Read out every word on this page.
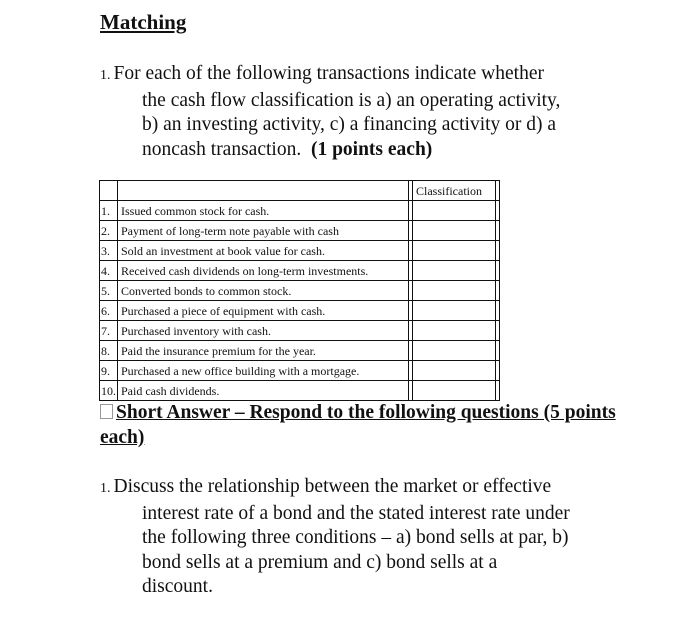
Matching
1. For each of the following transactions indicate whether
the cash flow classification is a) an operating activity,
b) an investing activity, c) a financing activity or d) a
noncash transaction. (1 points each)
			Classification	
1.	Issued common stock for cash.			
2.	Payment of long-term note payable with cash			
3.	Sold an investment at book value for cash.			
4.	Received cash dividends on long-term investments.			
5.	Converted bonds to common stock.			
6.	Purchased a piece of equipment with cash.			
7.	Purchased inventory with cash.			
8.	Paid the insurance premium for the year.			
9.	Purchased a new office building with a mortgage.			
10.	Paid cash dividends.			
Short Answer – Respond to the following questions (5 points each)
1. Discuss the relationship between the market or effective
interest rate of a bond and the stated interest rate under
the following three conditions – a) bond sells at par, b)
bond sells at a premium and c) bond sells at a
discount.
